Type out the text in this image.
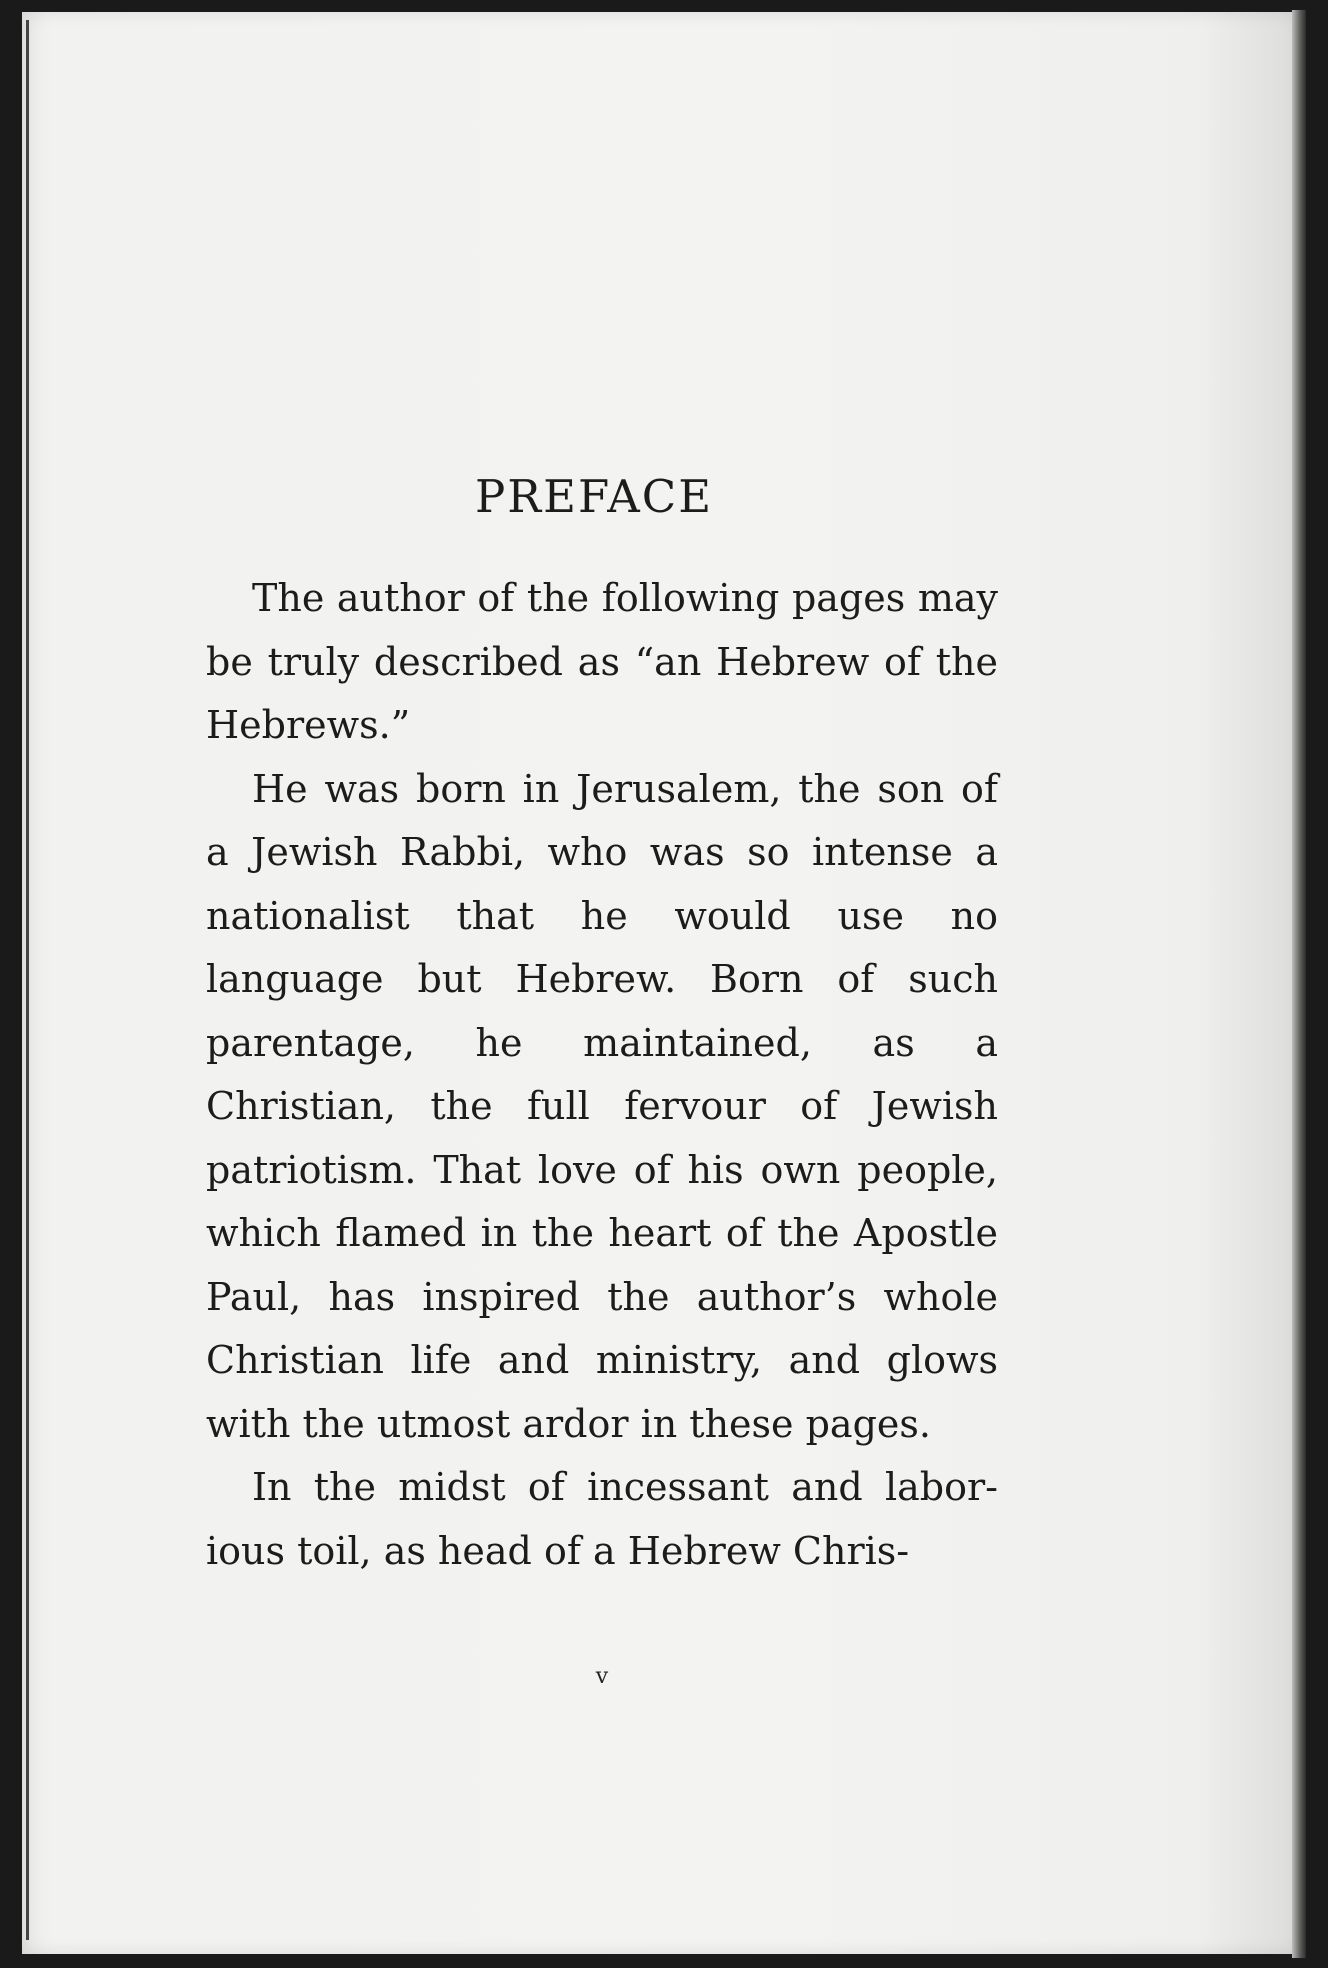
PREFACE

The author of the following pages may be truly described as “an Hebrew of the Hebrews.”

He was born in Jerusalem, the son of a Jewish Rabbi, who was so intense a nationalist that he would use no language but Hebrew. Born of such parentage, he maintained, as a Christian, the full fervour of Jewish patriotism. That love of his own people, which flamed in the heart of the Apostle Paul, has inspired the author’s whole Christian life and ministry, and glows with the utmost ardor in these pages.

In the midst of incessant and laborious toil, as head of a Hebrew Chris-

v
